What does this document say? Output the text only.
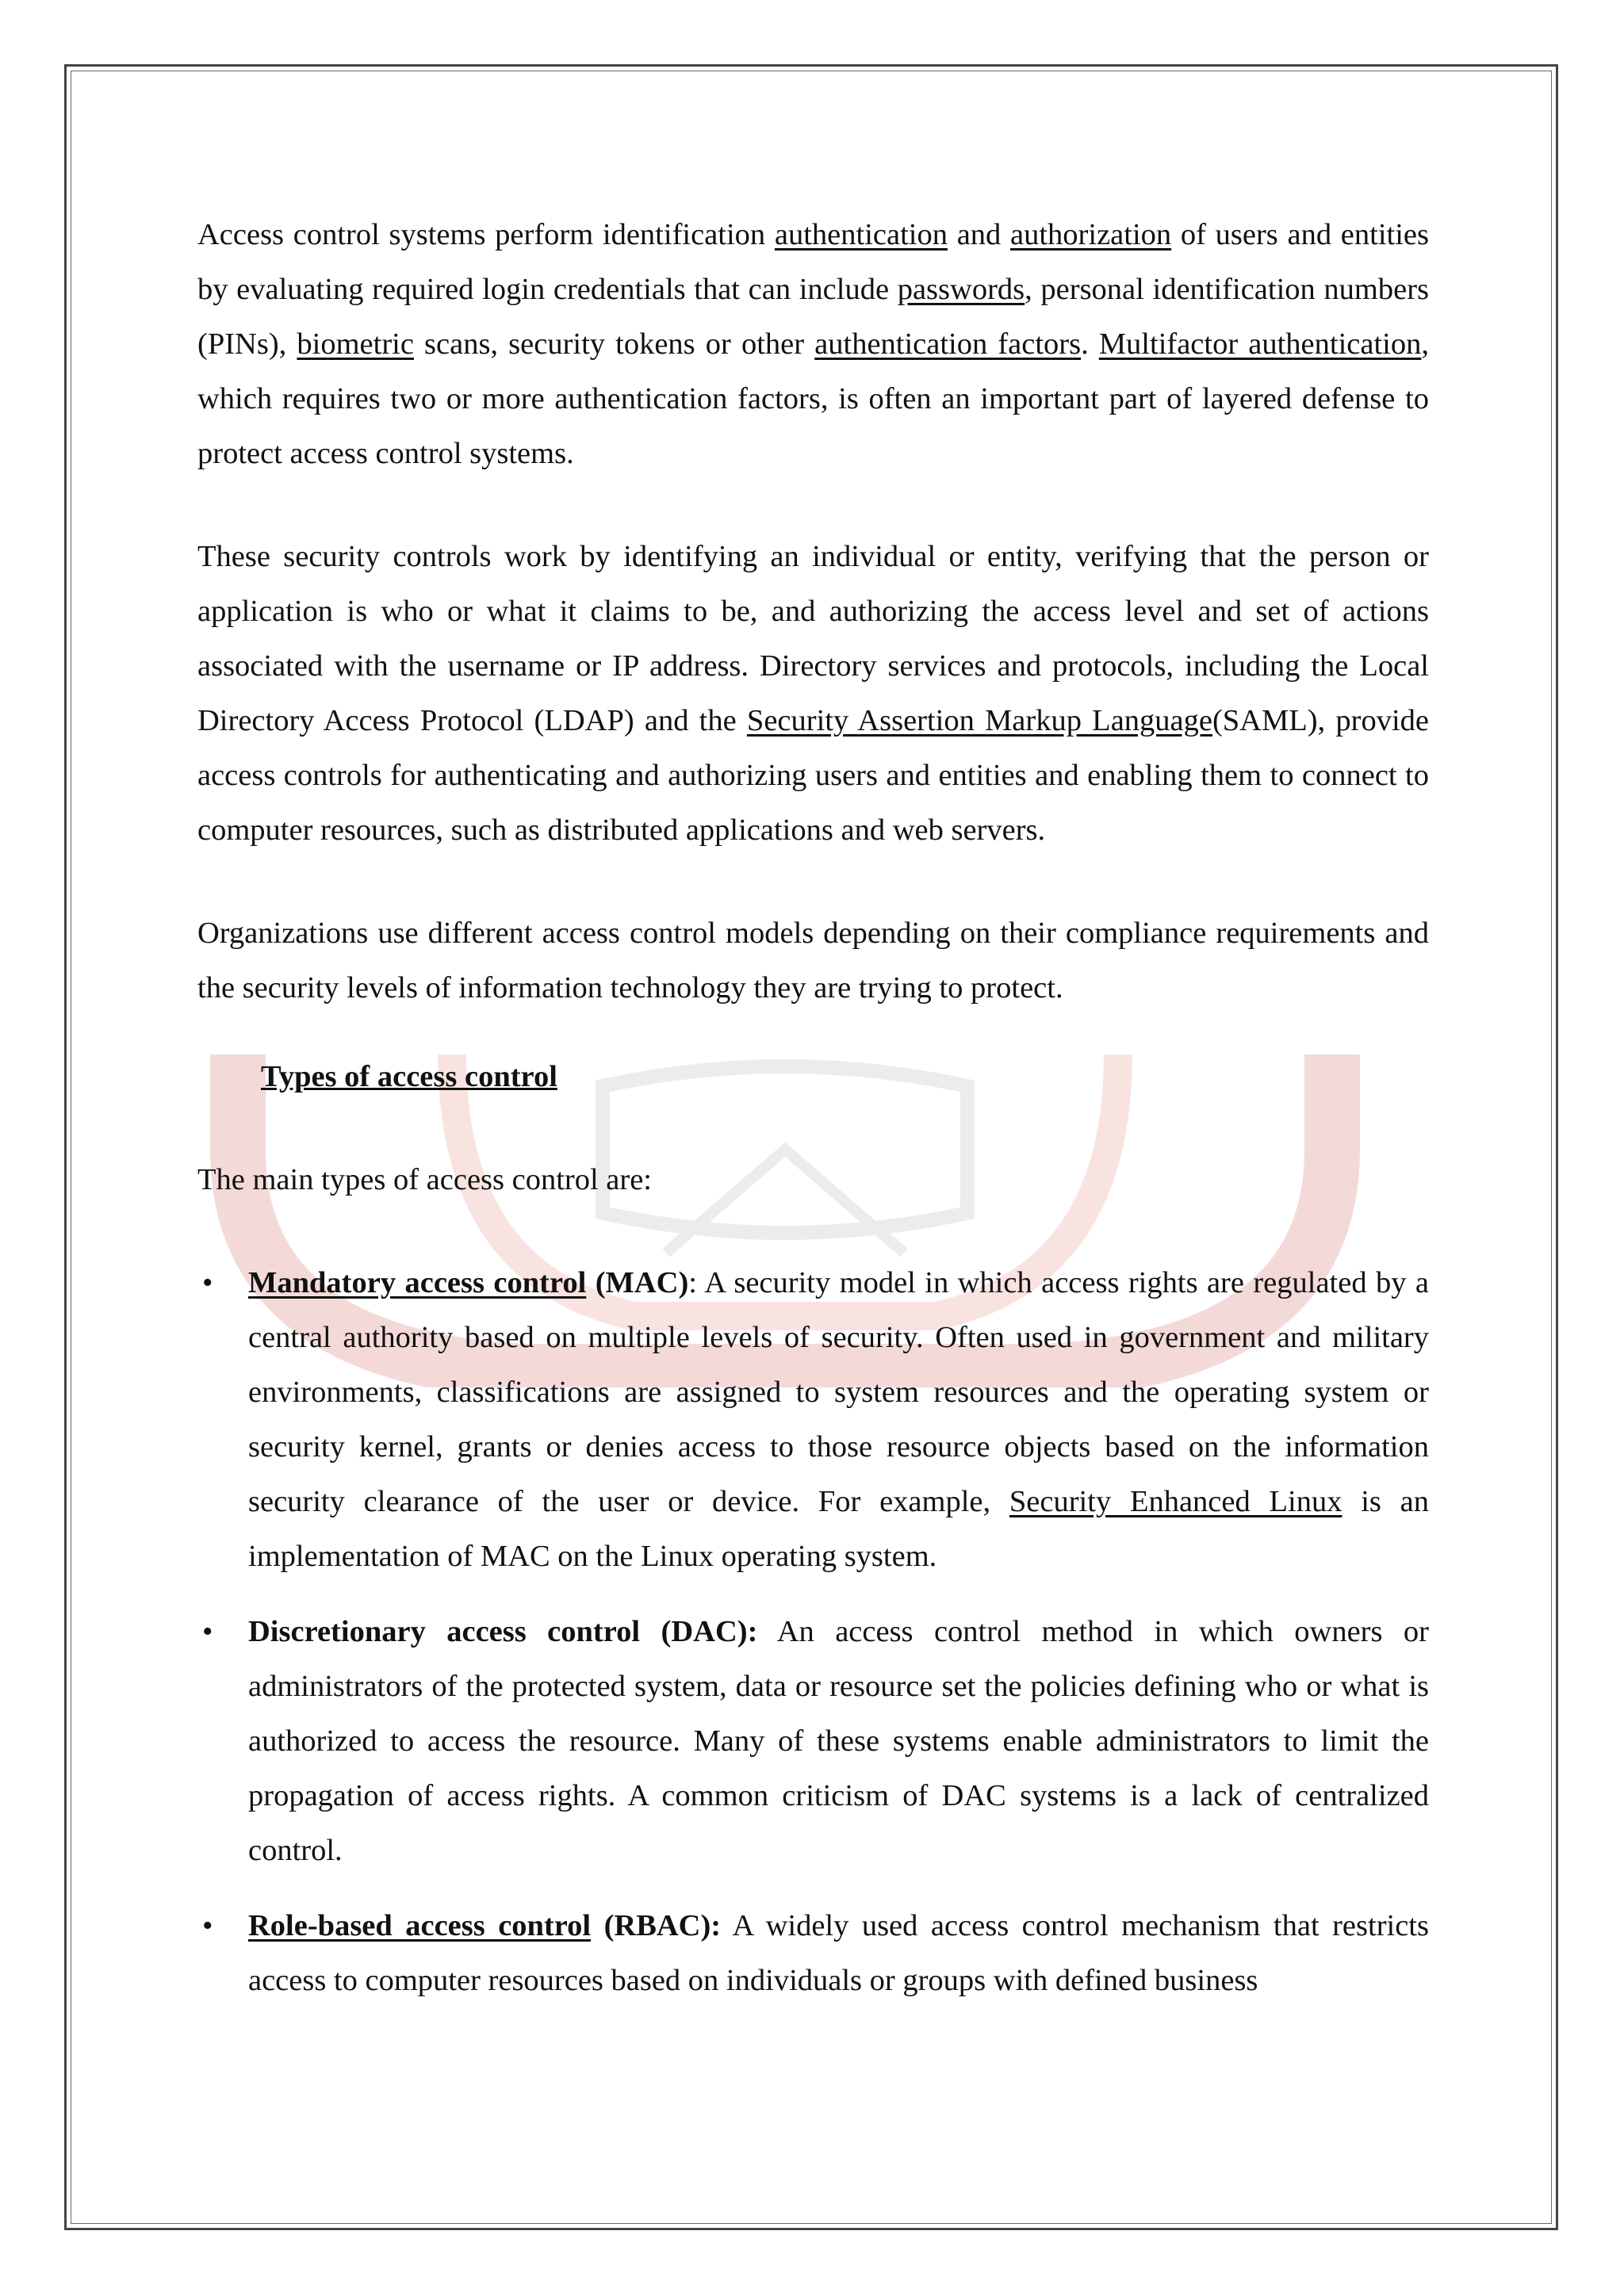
Access control systems perform identification authentication and authorization of users and entities by evaluating required login credentials that can include passwords, personal identification numbers (PINs), biometric scans, security tokens or other authentication factors. Multifactor authentication, which requires two or more authentication factors, is often an important part of layered defense to protect access control systems.

These security controls work by identifying an individual or entity, verifying that the person or application is who or what it claims to be, and authorizing the access level and set of actions associated with the username or IP address. Directory services and protocols, including the Local Directory Access Protocol (LDAP) and the Security Assertion Markup Language(SAML), provide access controls for authenticating and authorizing users and entities and enabling them to connect to computer resources, such as distributed applications and web servers.

Organizations use different access control models depending on their compliance requirements and the security levels of information technology they are trying to protect.

Types of access control

The main types of access control are:

• Mandatory access control (MAC): A security model in which access rights are regulated by a central authority based on multiple levels of security. Often used in government and military environments, classifications are assigned to system resources and the operating system or security kernel, grants or denies access to those resource objects based on the information security clearance of the user or device. For example, Security Enhanced Linux is an implementation of MAC on the Linux operating system.
• Discretionary access control (DAC): An access control method in which owners or administrators of the protected system, data or resource set the policies defining who or what is authorized to access the resource. Many of these systems enable administrators to limit the propagation of access rights. A common criticism of DAC systems is a lack of centralized control.
• Role-based access control (RBAC): A widely used access control mechanism that restricts access to computer resources based on individuals or groups with defined business
